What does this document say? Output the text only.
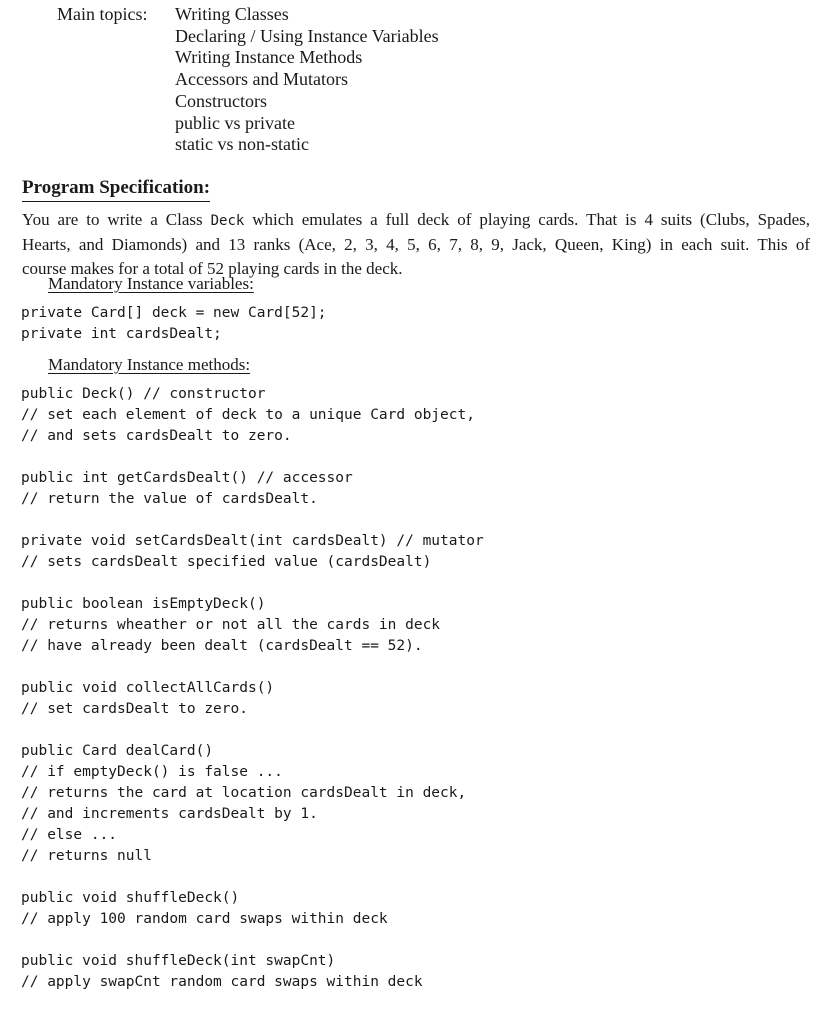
Main topics: Writing Classes
Declaring / Using Instance Variables
Writing Instance Methods
Accessors and Mutators
Constructors
public vs private
static vs non-static
Program Specification:

You are to write a Class Deck which emulates a full deck of playing cards. That is 4 suits (Clubs, Spades,
Hearts, and Diamonds) and 13 ranks (Ace, 2, 3, 4, 5, 6, 7, 8, 9, Jack, Queen, King) in each suit. This of
course makes for a total of 52 playing cards in the deck.

Mandatory Instance variables:

private Card[] deck = new Card[52];
private int cardsDealt;

Mandatory Instance methods:

public Deck() // constructor
// set each element of deck to a unique Card object,
// and sets cardsDealt to zero.

public int getCardsDealt() // accessor
// return the value of cardsDealt.

private void setCardsDealt(int cardsDealt) // mutator
// sets cardsDealt specified value (cardsDealt)

public boolean isEmptyDeck()
// returns wheather or not all the cards in deck
// have already been dealt (cardsDealt == 52).

public void collectAllCards()
// set cardsDealt to zero.

public Card dealCard()
// if emptyDeck() is false ...
// returns the card at location cardsDealt in deck,
// and increments cardsDealt by 1.
// else ...
// returns null

public void shuffleDeck()
// apply 100 random card swaps within deck

public void shuffleDeck(int swapCnt)
// apply swapCnt random card swaps within deck
